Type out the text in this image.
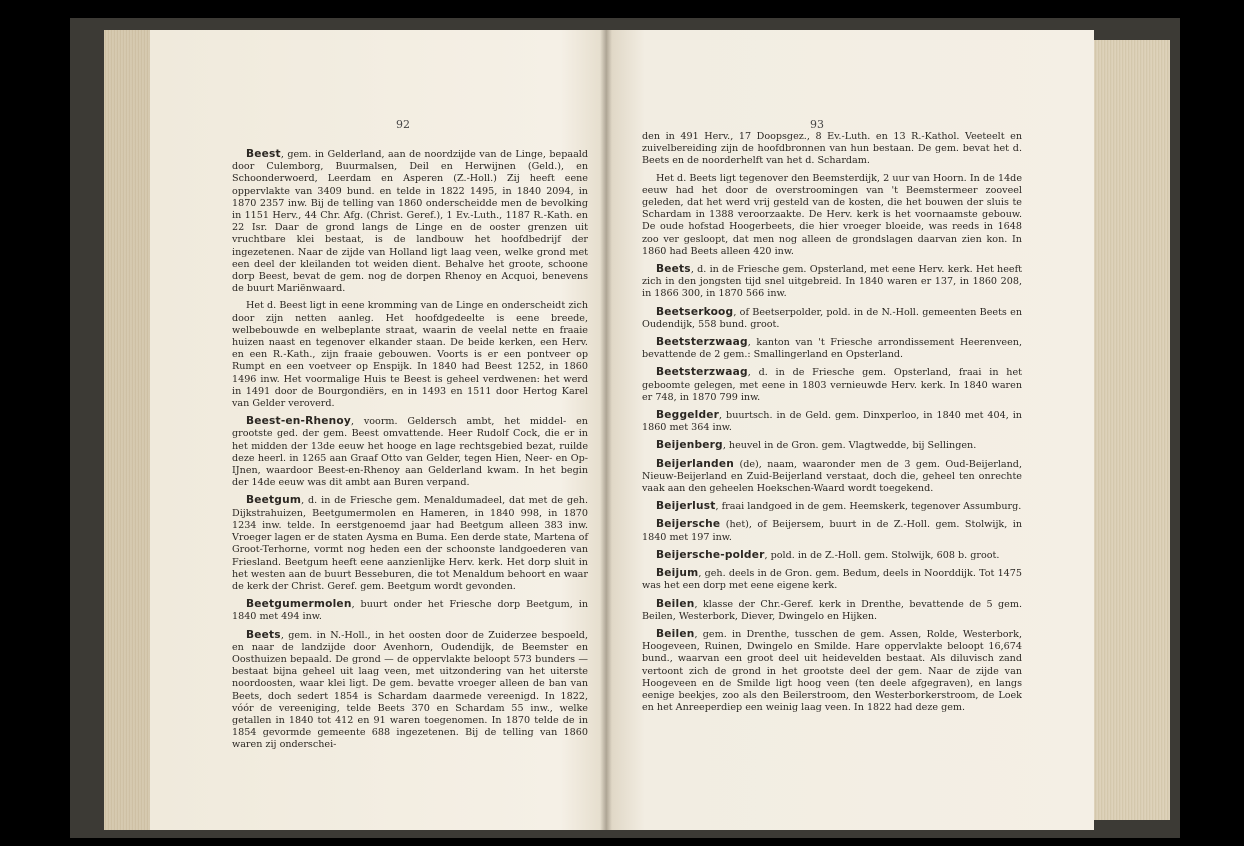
92

Beest, gem. in Gelderland, aan de noordzijde van de Linge, bepaald door Culemborg, Buurmalsen, Deil en Herwijnen (Geld.), en Schoonderwoerd, Leerdam en Asperen (Z.-Holl.) Zij heeft eene oppervlakte van 3409 bund. en telde in 1822 1495, in 1840 2094, in 1870 2357 inw. Bij de telling van 1860 onderscheidde men de bevolking in 1151 Herv., 44 Chr. Afg. (Christ. Geref.), 1 Ev.-Luth., 1187 R.-Kath. en 22 Isr. Daar de grond langs de Linge en de ooster grenzen uit vruchtbare klei bestaat, is de landbouw het hoofdbedrijf der ingezetenen. Naar de zijde van Holland ligt laag veen, welke grond met een deel der kleilanden tot weiden dient. Behalve het groote, schoone dorp Beest, bevat de gem. nog de dorpen Rhenoy en Acquoi, benevens de buurt Mariënwaard.

Het d. Beest ligt in eene kromming van de Linge en onderscheidt zich door zijn netten aanleg. Het hoofdgedeelte is eene breede, welbebouwde en welbeplante straat, waarin de veelal nette en fraaie huizen naast en tegenover elkander staan. De beide kerken, een Herv. en een R.-Kath., zijn fraaie gebouwen. Voorts is er een pontveer op Rumpt en een voetveer op Enspijk. In 1840 had Beest 1252, in 1860 1496 inw. Het voormalige Huis te Beest is geheel verdwenen: het werd in 1491 door de Bourgondiërs, en in 1493 en 1511 door Hertog Karel van Gelder veroverd.

Beest-en-Rhenoy, voorm. Geldersch ambt, het middel- en grootste ged. der gem. Beest omvattende. Heer Rudolf Cock, die er in het midden der 13de eeuw het hooge en lage rechtsgebied bezat, ruilde deze heerl. in 1265 aan Graaf Otto van Gelder, tegen Hien, Neer- en Op-IJnen, waardoor Beest-en-Rhenoy aan Gelderland kwam. In het begin der 14de eeuw was dit ambt aan Buren verpand.

Beetgum, d. in de Friesche gem. Menaldumadeel, dat met de geh. Dijkstrahuizen, Beetgumermolen en Hameren, in 1840 998, in 1870 1234 inw. telde. In eerstgenoemd jaar had Beetgum alleen 383 inw. Vroeger lagen er de staten Aysma en Buma. Een derde state, Martena of Groot-Terhorne, vormt nog heden een der schoonste landgoederen van Friesland. Beetgum heeft eene aanzienlijke Herv. kerk. Het dorp sluit in het westen aan de buurt Besseburen, die tot Menaldum behoort en waar de kerk der Christ. Geref. gem. Beetgum wordt gevonden.

Beetgumermolen, buurt onder het Friesche dorp Beetgum, in 1840 met 494 inw.

Beets, gem. in N.-Holl., in het oosten door de Zuiderzee bespoeld, en naar de landzijde door Avenhorn, Oudendijk, de Beemster en Oosthuizen bepaald. De grond — de oppervlakte beloopt 573 bunders — bestaat bijna geheel uit laag veen, met uitzondering van het uiterste noordoosten, waar klei ligt. De gem. bevatte vroeger alleen de ban van Beets, doch sedert 1854 is Schardam daarmede vereenigd. In 1822, vóór de vereeniging, telde Beets 370 en Schardam 55 inw., welke getallen in 1840 tot 412 en 91 waren toegenomen. In 1870 telde de in 1854 gevormde gemeente 688 ingezetenen. Bij de telling van 1860 waren zij onderschei-

93

den in 491 Herv., 17 Doopsgez., 8 Ev.-Luth. en 13 R.-Kathol. Veeteelt en zuivelbereiding zijn de hoofdbronnen van hun bestaan. De gem. bevat het d. Beets en de noorderhelft van het d. Schardam.

Het d. Beets ligt tegenover den Beemsterdijk, 2 uur van Hoorn. In de 14de eeuw had het door de overstroomingen van 't Beemstermeer zooveel geleden, dat het werd vrij gesteld van de kosten, die het bouwen der sluis te Schardam in 1388 veroorzaakte. De Herv. kerk is het voornaamste gebouw. De oude hofstad Hoogerbeets, die hier vroeger bloeide, was reeds in 1648 zoo ver gesloopt, dat men nog alleen de grondslagen daarvan zien kon. In 1860 had Beets alleen 420 inw.

Beets, d. in de Friesche gem. Opsterland, met eene Herv. kerk. Het heeft zich in den jongsten tijd snel uitgebreid. In 1840 waren er 137, in 1860 208, in 1866 300, in 1870 566 inw.

Beetserkoog, of Beetserpolder, pold. in de N.-Holl. gemeenten Beets en Oudendijk, 558 bund. groot.

Beetsterzwaag, kanton van 't Friesche arrondissement Heerenveen, bevattende de 2 gem.: Smallingerland en Opsterland.

Beetsterzwaag, d. in de Friesche gem. Opsterland, fraai in het geboomte gelegen, met eene in 1803 vernieuwde Herv. kerk. In 1840 waren er 748, in 1870 799 inw.

Beggelder, buurtsch. in de Geld. gem. Dinxperloo, in 1840 met 404, in 1860 met 364 inw.

Beijenberg, heuvel in de Gron. gem. Vlagtwedde, bij Sellingen.

Beijerlanden (de), naam, waaronder men de 3 gem. Oud-Beijerland, Nieuw-Beijerland en Zuid-Beijerland verstaat, doch die, geheel ten onrechte vaak aan den geheelen Hoekschen-Waard wordt toegekend.

Beijerlust, fraai landgoed in de gem. Heemskerk, tegenover Assumburg.

Beijersche (het), of Beijersem, buurt in de Z.-Holl. gem. Stolwijk, in 1840 met 197 inw.

Beijersche-polder, pold. in de Z.-Holl. gem. Stolwijk, 608 b. groot.

Beijum, geh. deels in de Gron. gem. Bedum, deels in Noorddijk. Tot 1475 was het een dorp met eene eigene kerk.

Beilen, klasse der Chr.-Geref. kerk in Drenthe, bevattende de 5 gem. Beilen, Westerbork, Diever, Dwingelo en Hijken.

Beilen, gem. in Drenthe, tusschen de gem. Assen, Rolde, Westerbork, Hoogeveen, Ruinen, Dwingelo en Smilde. Hare oppervlakte beloopt 16,674 bund., waarvan een groot deel uit heidevelden bestaat. Als diluvisch zand vertoont zich de grond in het grootste deel der gem. Naar de zijde van Hoogeveen en de Smilde ligt hoog veen (ten deele afgegraven), en langs eenige beekjes, zoo als den Beilerstroom, den Westerborkerstroom, de Loek en het Anreeperdiep een weinig laag veen. In 1822 had deze gem.
